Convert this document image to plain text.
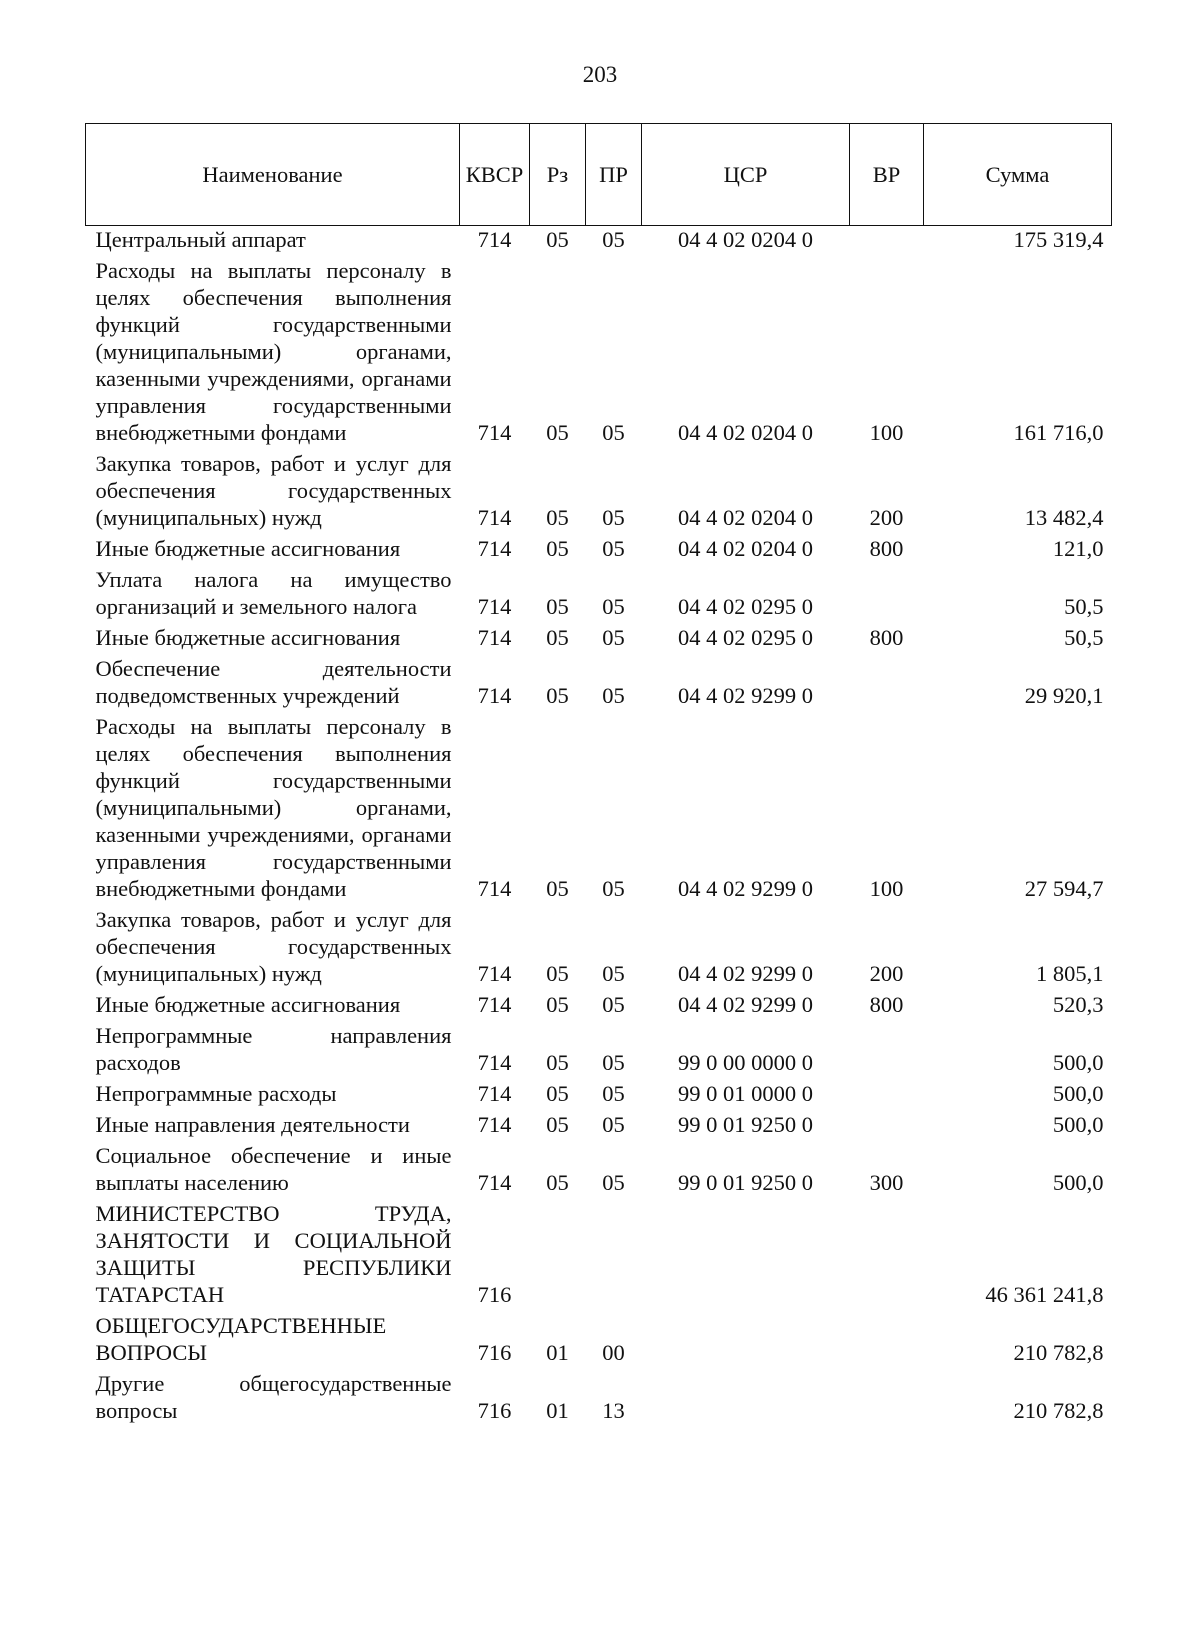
203
Наименование	КВСР	Рз	ПР	ЦСР	ВР	Сумма
Центральный аппарат	714	05	05	04 4 02 0204 0		175 319,4
Расходы на выплаты персоналу в целях обеспечения выполнения функций государственными (муниципальными) органами, казенными учреждениями, органами управления государственными внебюджетными фондами	714	05	05	04 4 02 0204 0	100	161 716,0
Закупка товаров, работ и услуг для обеспечения государственных (муниципальных) нужд	714	05	05	04 4 02 0204 0	200	13 482,4
Иные бюджетные ассигнования	714	05	05	04 4 02 0204 0	800	121,0
Уплата налога на имущество организаций и земельного налога	714	05	05	04 4 02 0295 0		50,5
Иные бюджетные ассигнования	714	05	05	04 4 02 0295 0	800	50,5
Обеспечение деятельности подведомственных учреждений	714	05	05	04 4 02 9299 0		29 920,1
Расходы на выплаты персоналу в целях обеспечения выполнения функций государственными (муниципальными) органами, казенными учреждениями, органами управления государственными внебюджетными фондами	714	05	05	04 4 02 9299 0	100	27 594,7
Закупка товаров, работ и услуг для обеспечения государственных (муниципальных) нужд	714	05	05	04 4 02 9299 0	200	1 805,1
Иные бюджетные ассигнования	714	05	05	04 4 02 9299 0	800	520,3
Непрограммные направления расходов	714	05	05	99 0 00 0000 0		500,0
Непрограммные расходы	714	05	05	99 0 01 0000 0		500,0
Иные направления деятельности	714	05	05	99 0 01 9250 0		500,0
Социальное обеспечение и иные выплаты населению	714	05	05	99 0 01 9250 0	300	500,0
МИНИСТЕРСТВО ТРУДА, ЗАНЯТОСТИ И СОЦИАЛЬНОЙ ЗАЩИТЫ РЕСПУБЛИКИ ТАТАРСТАН	716					46 361 241,8
ОБЩЕГОСУДАРСТВЕННЫЕ ВОПРОСЫ	716	01	00			210 782,8
Другие общегосударственные вопросы	716	01	13			210 782,8
